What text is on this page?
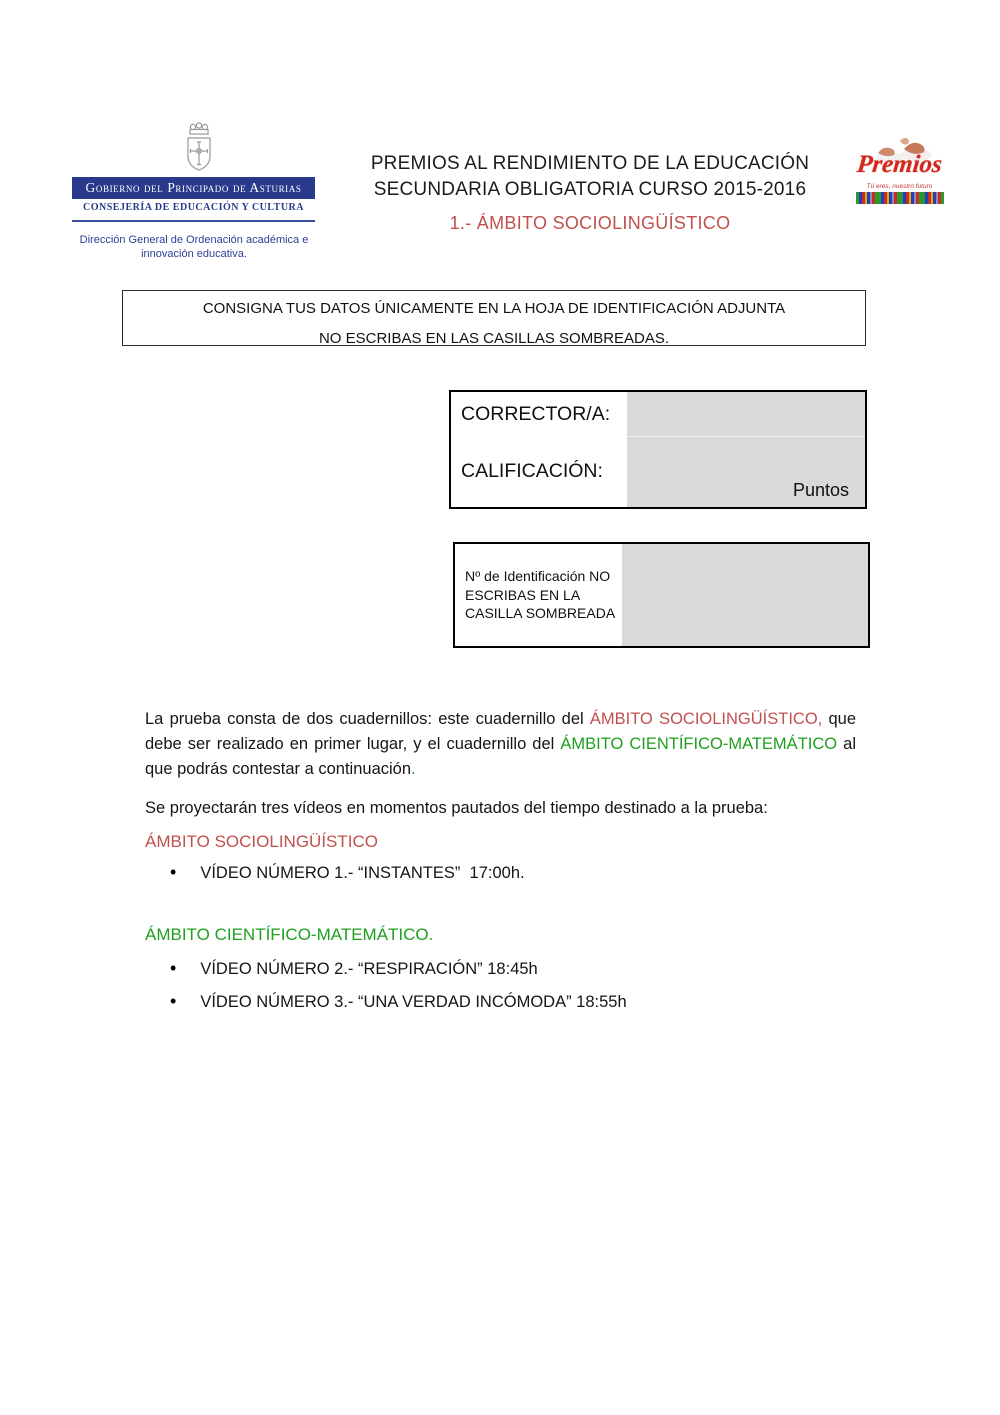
Gobierno del Principado de Asturias
CONSEJERÍA DE EDUCACIÓN Y CULTURA
Dirección General de Ordenación académica e innovación educativa.
PREMIOS AL RENDIMIENTO DE LA EDUCACIÓN
SECUNDARIA OBLIGATORIA CURSO 2015-2016
1.- ÁMBITO SOCIOLINGÜÍSTICO
Premios
Tú eres, nuestro futuro
CONSIGNA TUS DATOS ÚNICAMENTE EN LA HOJA DE IDENTIFICACIÓN ADJUNTA
NO ESCRIBAS EN LAS CASILLAS SOMBREADAS.
CORRECTOR/A:
CALIFICACIÓN:
Puntos
Nº de Identificación NO ESCRIBAS EN LA CASILLA SOMBREADA

La prueba consta de dos cuadernillos: este cuadernillo del ÁMBITO SOCIOLINGÜÍSTICO, que debe ser realizado en primer lugar, y el cuadernillo del ÁMBITO CIENTÍFICO-MATEMÁTICO al que podrás contestar a continuación.

Se proyectarán tres vídeos en momentos pautados del tiempo destinado a la prueba:
ÁMBITO SOCIOLINGÜÍSTICO
• VÍDEO NÚMERO 1.- “INSTANTES”  17:00h.
ÁMBITO CIENTÍFICO-MATEMÁTICO.
• VÍDEO NÚMERO 2.- “RESPIRACIÓN” 18:45h
• VÍDEO NÚMERO 3.- “UNA VERDAD INCÓMODA” 18:55h
